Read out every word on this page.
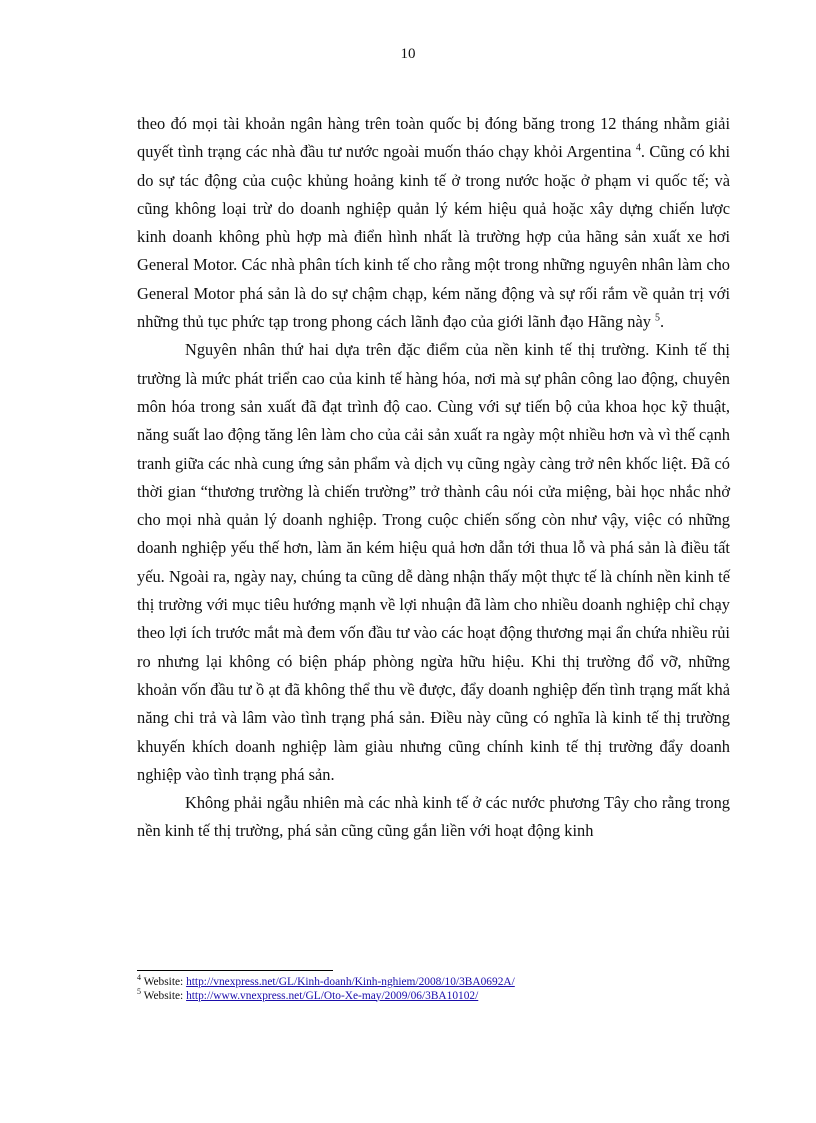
10

theo đó mọi tài khoản ngân hàng trên toàn quốc bị đóng băng trong 12 tháng nhằm giải quyết tình trạng các nhà đầu tư nước ngoài muốn tháo chạy khỏi Argentina $^4$. Cũng có khi do sự tác động của cuộc khủng hoảng kinh tế ở trong nước hoặc ở phạm vi quốc tế; và cũng không loại trừ do doanh nghiệp quản lý kém hiệu quả hoặc xây dựng chiến lược kinh doanh không phù hợp mà điển hình nhất là trường hợp của hãng sản xuất xe hơi General Motor. Các nhà phân tích kinh tế cho rằng một trong những nguyên nhân làm cho General Motor phá sản là do sự chậm chạp, kém năng động và sự rối rắm về quản trị với những thủ tục phức tạp trong phong cách lãnh đạo của giới lãnh đạo Hãng này $^5$.

Nguyên nhân thứ hai dựa trên đặc điểm của nền kinh tế thị trường. Kinh tế thị trường là mức phát triển cao của kinh tế hàng hóa, nơi mà sự phân công lao động, chuyên môn hóa trong sản xuất đã đạt trình độ cao. Cùng với sự tiến bộ của khoa học kỹ thuật, năng suất lao động tăng lên làm cho của cải sản xuất ra ngày một nhiều hơn và vì thế cạnh tranh giữa các nhà cung ứng sản phẩm và dịch vụ cũng ngày càng trở nên khốc liệt. Đã có thời gian “thương trường là chiến trường” trở thành câu nói cửa miệng, bài học nhắc nhở cho mọi nhà quản lý doanh nghiệp. Trong cuộc chiến sống còn như vậy, việc có những doanh nghiệp yếu thế hơn, làm ăn kém hiệu quả hơn dẫn tới thua lỗ và phá sản là điều tất yếu. Ngoài ra, ngày nay, chúng ta cũng dễ dàng nhận thấy một thực tế là chính nền kinh tế thị trường với mục tiêu hướng mạnh về lợi nhuận đã làm cho nhiều doanh nghiệp chỉ chạy theo lợi ích trước mắt mà đem vốn đầu tư vào các hoạt động thương mại ẩn chứa nhiều rủi ro nhưng lại không có biện pháp phòng ngừa hữu hiệu. Khi thị trường đổ vỡ, những khoản vốn đầu tư ồ ạt đã không thể thu về được, đẩy doanh nghiệp đến tình trạng mất khả năng chi trả và lâm vào tình trạng phá sản. Điều này cũng có nghĩa là kinh tế thị trường khuyến khích doanh nghiệp làm giàu nhưng cũng chính kinh tế thị trường đẩy doanh nghiệp vào tình trạng phá sản.

Không phải ngẫu nhiên mà các nhà kinh tế ở các nước phương Tây cho rằng trong nền kinh tế thị trường, phá sản cũng cũng gắn liền với hoạt động kinh

$^4$ Website: http://vnexpress.net/GL/Kinh-doanh/Kinh-nghiem/2008/10/3BA0692A/

$^5$ Website: http://www.vnexpress.net/GL/Oto-Xe-may/2009/06/3BA10102/
